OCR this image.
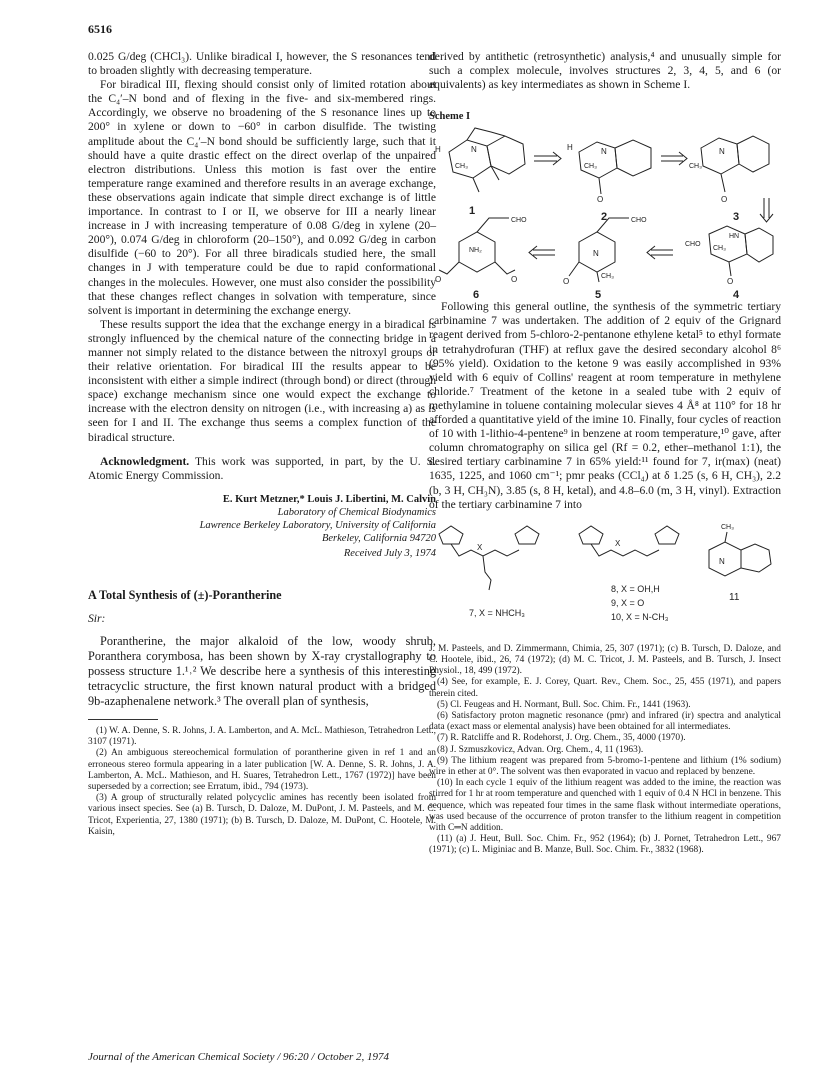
6516

0.025 G/deg (CHCl₃). Unlike biradical I, however, the S resonances tend to broaden slightly with decreasing temperature.

For biradical III, flexing should consist only of limited rotation about the C₄′–N bond and of flexing in the five- and six-membered rings. Accordingly, we observe no broadening of the S resonance lines up to 200° in xylene or down to −60° in carbon disulfide. The twisting amplitude about the C₄′–N bond should be sufficiently large, such that it should have a quite drastic effect on the direct overlap of the unpaired electron distributions. Unless this motion is fast over the entire temperature range examined and therefore results in an average exchange, these observations again indicate that simple direct exchange is of little importance. In contrast to I or II, we observe for III a nearly linear increase in J with increasing temperature of 0.08 G/deg in xylene (20–200°), 0.074 G/deg in chloroform (20–150°), and 0.092 G/deg in carbon disulfide (−60 to 20°). For all three biradicals studied here, the small changes in J with temperature could be due to rapid conformational changes in the molecules. However, one must also consider the possibility that these changes reflect changes in solvation with temperature, since solvent is important in determining the exchange energy.

These results support the idea that the exchange energy in a biradical is strongly influenced by the chemical nature of the connecting bridge in a manner not simply related to the distance between the nitroxyl groups or their relative orientation. For biradical III the results appear to be inconsistent with either a simple indirect (through bond) or direct (through space) exchange mechanism since one would expect the exchange to increase with the electron density on nitrogen (i.e., with increasing a) as is seen for I and II. The exchange thus seems a complex function of the biradical structure.

Acknowledgment. This work was supported, in part, by the U. S. Atomic Energy Commission.

E. Kurt Metzner,* Louis J. Libertini, M. Calvin
Laboratory of Chemical Biodynamics
Lawrence Berkeley Laboratory, University of California
Berkeley, California 94720
Received July 3, 1974
A Total Synthesis of (±)-Porantherine
Sir:

Porantherine, the major alkaloid of the low, woody shrub, Poranthera corymbosa, has been shown by X-ray crystallography to possess structure 1.¹˒² We describe here a synthesis of this interesting tetracyclic structure, the first known natural product with a bridged 9b-azaphenalene network.³ The overall plan of synthesis,

(1) W. A. Denne, S. R. Johns, J. A. Lamberton, and A. McL. Mathieson, Tetrahedron Lett., 3107 (1971).

(2) An ambiguous stereochemical formulation of porantherine given in ref 1 and an erroneous stereo formula appearing in a later publication [W. A. Denne, S. R. Johns, J. A. Lamberton, A. McL. Mathieson, and H. Suares, Tetrahedron Lett., 1767 (1972)] have been superseded by a correction; see Erratum, ibid., 794 (1973).

(3) A group of structurally related polycyclic amines has recently been isolated from various insect species. See (a) B. Tursch, D. Daloze, M. DuPont, J. M. Pasteels, and M. C. Tricot, Experientia, 27, 1380 (1971); (b) B. Tursch, D. Daloze, M. DuPont, C. Hootele, M. Kaisin,

derived by antithetic (retrosynthetic) analysis,⁴ and unusually simple for such a complex molecule, involves structures 2, 3, 4, 5, and 6 (or equivalents) as key intermediates as shown in Scheme I.

Scheme I
H	N
CH₃
1
H	N
CH₃
O
2
N
CH₃
O
3
CHO
NH₂
O	O
6
CHO
N
CH₃
O
5
HN
CHO
CH₃
O
4

Following this general outline, the synthesis of the symmetric tertiary carbinamine 7 was undertaken. The addition of 2 equiv of the Grignard reagent derived from 5-chloro-2-pentanone ethylene ketal⁵ to ethyl formate in tetrahydrofuran (THF) at reflux gave the desired secondary alcohol 8⁶ (95% yield). Oxidation to the ketone 9 was easily accomplished in 93% yield with 6 equiv of Collins' reagent at room temperature in methylene chloride.⁷ Treatment of the ketone in a sealed tube with 2 equiv of methylamine in toluene containing molecular sieves 4 Å⁸ at 110° for 18 hr afforded a quantitative yield of the imine 10. Finally, four cycles of reaction of 10 with 1-lithio-4-pentene⁹ in benzene at room temperature,¹⁰ gave, after column chromatography on silica gel (Rf = 0.2, ether–methanol 1:1), the desired tertiary carbinamine 7 in 65% yield:¹¹ found for 7, ir(max) (neat) 1635, 1225, and 1060 cm⁻¹; pmr peaks (CCl₄) at δ 1.25 (s, 6 H, CH₃), 2.2 (b, 3 H, CH₃N), 3.85 (s, 8 H, ketal), and 4.8–6.0 (m, 3 H, vinyl). Extraction of the tertiary carbinamine 7 into

X
7, X = NHCH₃
X
8, X = OH,H
9, X = O
10, X = N-CH₃
CH₃
N
11

J. M. Pasteels, and D. Zimmermann, Chimia, 25, 307 (1971); (c) B. Tursch, D. Daloze, and C. Hootele, ibid., 26, 74 (1972); (d) M. C. Tricot, J. M. Pasteels, and B. Tursch, J. Insect Physiol., 18, 499 (1972).

(4) See, for example, E. J. Corey, Quart. Rev., Chem. Soc., 25, 455 (1971), and papers therein cited.

(5) Cl. Feugeas and H. Normant, Bull. Soc. Chim. Fr., 1441 (1963).

(6) Satisfactory proton magnetic resonance (pmr) and infrared (ir) spectra and analytical data (exact mass or elemental analysis) have been obtained for all intermediates.

(7) R. Ratcliffe and R. Rodehorst, J. Org. Chem., 35, 4000 (1970).

(8) J. Szmuszkovicz, Advan. Org. Chem., 4, 11 (1963).

(9) The lithium reagent was prepared from 5-bromo-1-pentene and lithium (1% sodium) wire in ether at 0°. The solvent was then evaporated in vacuo and replaced by benzene.

(10) In each cycle 1 equiv of the lithium reagent was added to the imine, the reaction was stirred for 1 hr at room temperature and quenched with 1 equiv of 0.4 N HCl in benzene. This sequence, which was repeated four times in the same flask without intermediate operations, was used because of the occurrence of proton transfer to the lithium reagent in competition with C═N addition.

(11) (a) J. Heut, Bull. Soc. Chim. Fr., 952 (1964); (b) J. Pornet, Tetrahedron Lett., 967 (1971); (c) L. Miginiac and B. Manze, Bull. Soc. Chim. Fr., 3832 (1968).

Journal of the American Chemical Society / 96:20 / October 2, 1974
